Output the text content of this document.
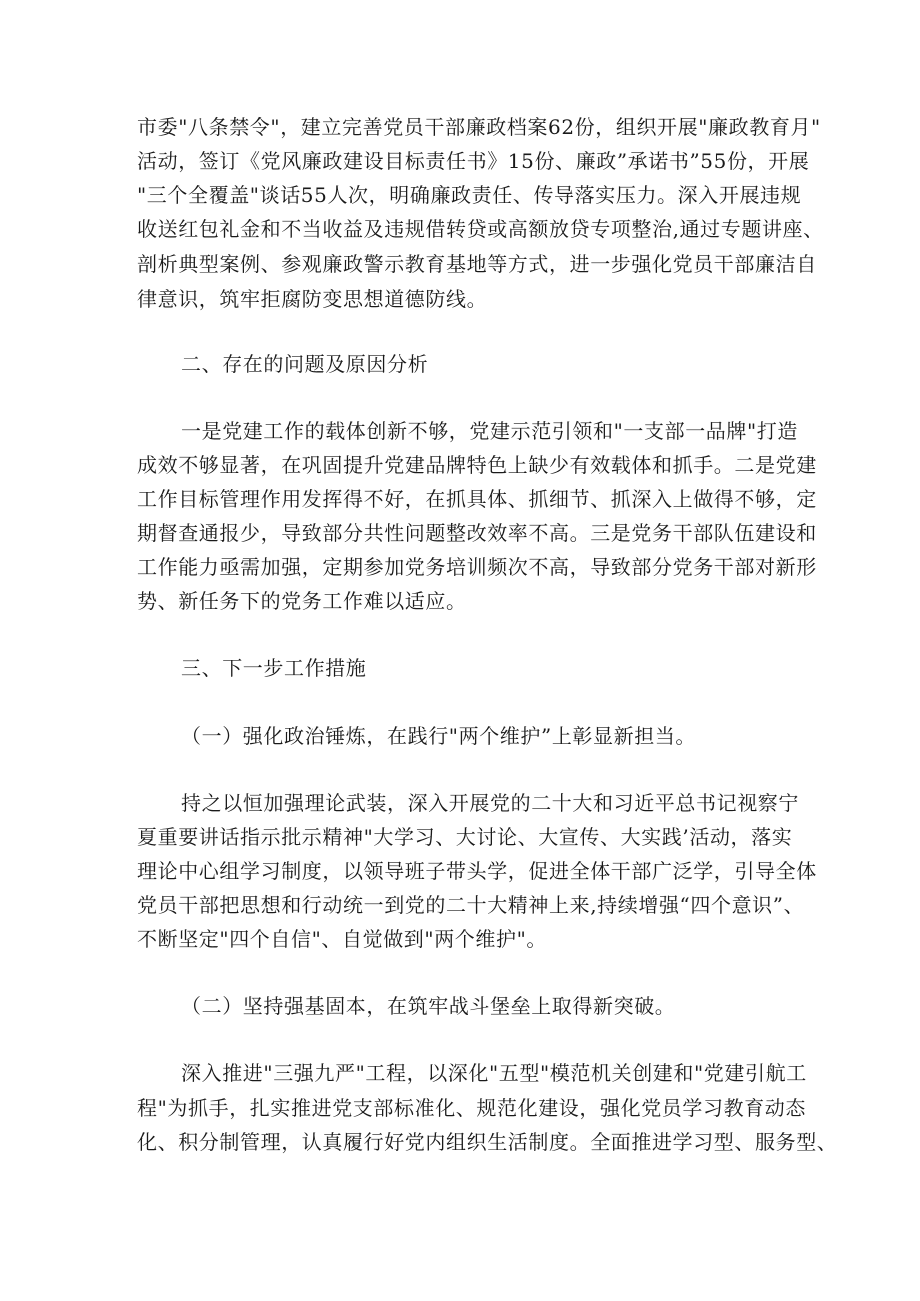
市委"八条禁令"，建立完善党员干部廉政档案62份，组织开展"廉政教育月"
活动，签订《党风廉政建设目标责任书》15份、廉政”承诺书”55份，开展
"三个全覆盖"谈话55人次，明确廉政责任、传导落实压力。深入开展违规
收送红包礼金和不当收益及违规借转贷或高额放贷专项整治,通过专题讲座、
剖析典型案例、参观廉政警示教育基地等方式，进一步强化党员干部廉洁自
律意识，筑牢拒腐防变思想道德防线。
二、存在的问题及原因分析
一是党建工作的载体创新不够，党建示范引领和"一支部一品牌"打造
成效不够显著，在巩固提升党建品牌特色上缺少有效载体和抓手。二是党建
工作目标管理作用发挥得不好，在抓具体、抓细节、抓深入上做得不够，定
期督查通报少，导致部分共性问题整改效率不高。三是党务干部队伍建设和
工作能力亟需加强，定期参加党务培训频次不高，导致部分党务干部对新形
势、新任务下的党务工作难以适应。
三、下一步工作措施
（一）强化政治锤炼，在践行"两个维护”上彰显新担当。
持之以恒加强理论武装，深入开展党的二十大和习近平总书记视察宁
夏重要讲话指示批示精神"大学习、大讨论、大宣传、大实践’活动，落实
理论中心组学习制度，以领导班子带头学，促进全体干部广泛学，引导全体
党员干部把思想和行动统一到党的二十大精神上来,持续增强“四个意识”、
不断坚定"四个自信"、自觉做到"两个维护"。
（二）坚持强基固本，在筑牢战斗堡垒上取得新突破。
深入推进"三强九严"工程，以深化"五型"模范机关创建和"党建引航工
程"为抓手，扎实推进党支部标准化、规范化建设，强化党员学习教育动态
化、积分制管理，认真履行好党内组织生活制度。全面推进学习型、服务型、
